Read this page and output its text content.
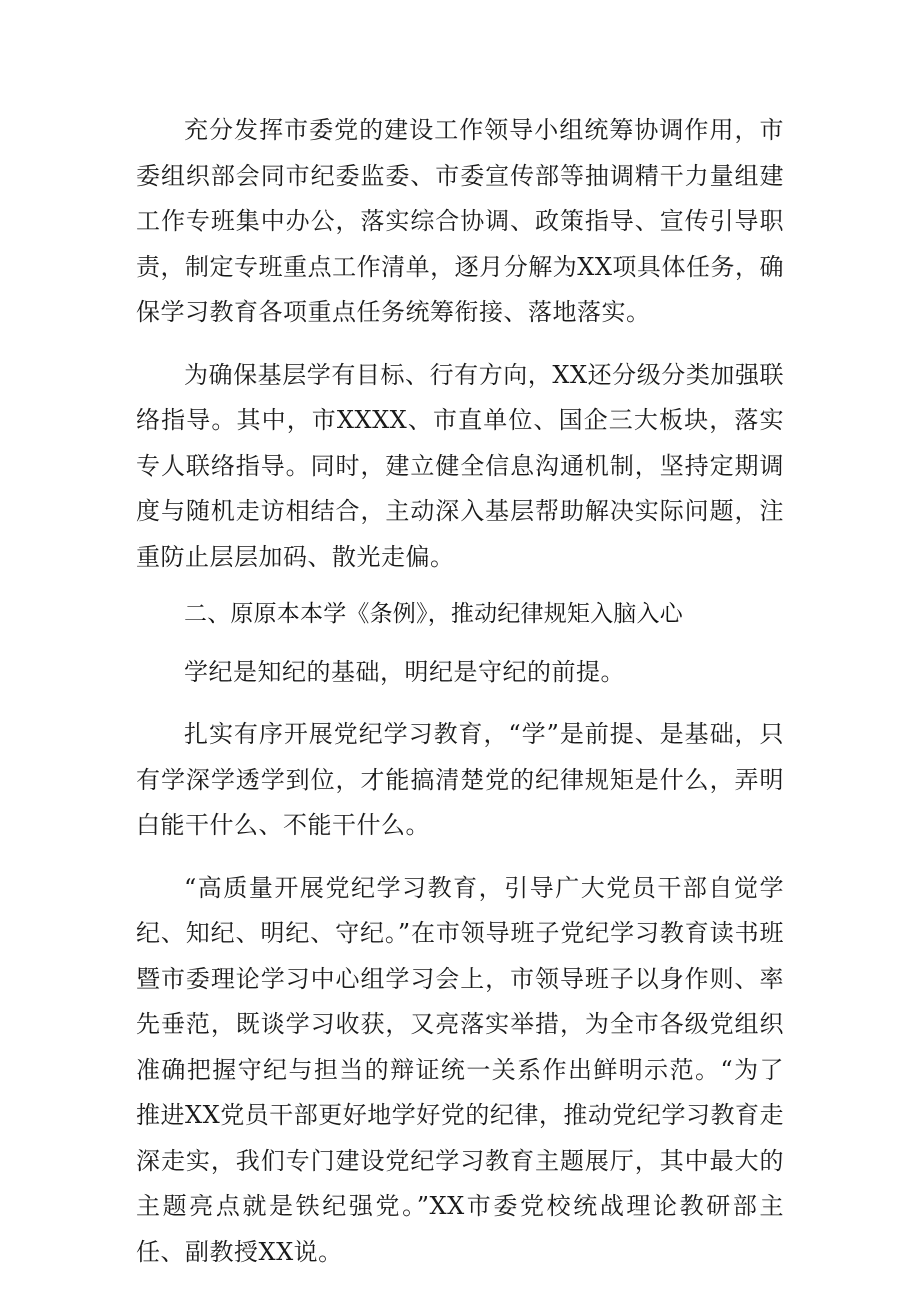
充分发挥市委党的建设工作领导小组统筹协调作用，市委组织部会同市纪委监委、市委宣传部等抽调精干力量组建工作专班集中办公，落实综合协调、政策指导、宣传引导职责，制定专班重点工作清单，逐月分解为XX项具体任务，确保学习教育各项重点任务统筹衔接、落地落实。

为确保基层学有目标、行有方向，XX还分级分类加强联络指导。其中，市XXXX、市直单位、国企三大板块，落实专人联络指导。同时，建立健全信息沟通机制，坚持定期调度与随机走访相结合，主动深入基层帮助解决实际问题，注重防止层层加码、散光走偏。

二、原原本本学《条例》，推动纪律规矩入脑入心

学纪是知纪的基础，明纪是守纪的前提。

扎实有序开展党纪学习教育，“学”是前提、是基础，只有学深学透学到位，才能搞清楚党的纪律规矩是什么，弄明白能干什么、不能干什么。

“高质量开展党纪学习教育，引导广大党员干部自觉学纪、知纪、明纪、守纪。”在市领导班子党纪学习教育读书班暨市委理论学习中心组学习会上，市领导班子以身作则、率先垂范，既谈学习收获，又亮落实举措，为全市各级党组织准确把握守纪与担当的辩证统一关系作出鲜明示范。“为了推进XX党员干部更好地学好党的纪律，推动党纪学习教育走深走实，我们专门建设党纪学习教育主题展厅，其中最大的主题亮点就是铁纪强党。”XX市委党校统战理论教研部主任、副教授XX说。
